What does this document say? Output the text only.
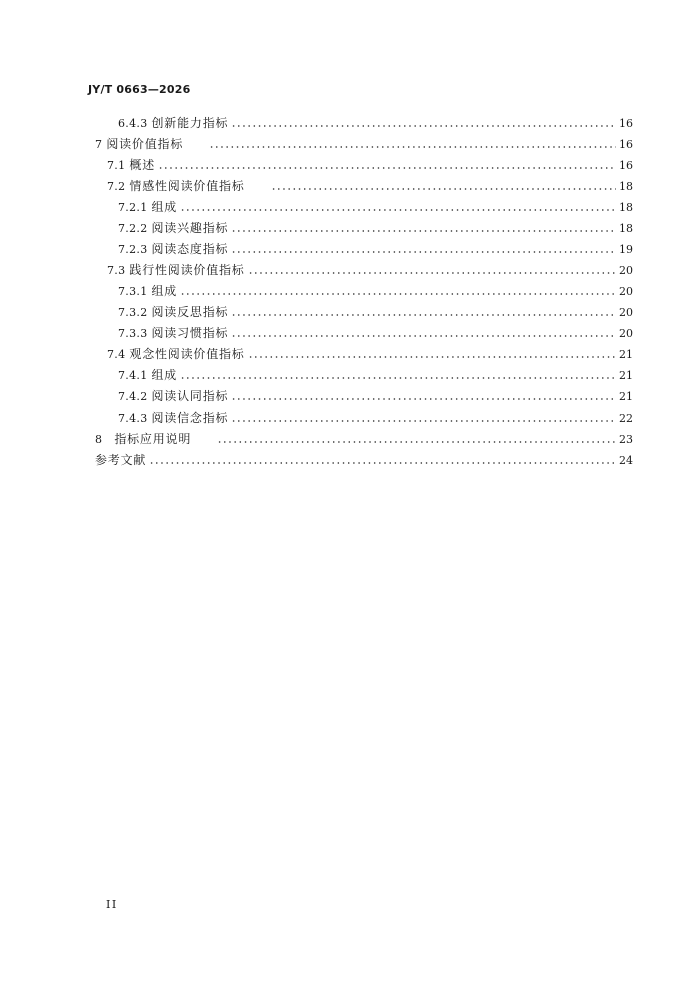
JY/T 0663—2026
6.4.3 创新能力指标	16
7 阅读价值指标	16
7.1 概述	16
7.2 情感性阅读价值指标	18
7.2.1 组成	18
7.2.2 阅读兴趣指标	18
7.2.3 阅读态度指标	19
7.3 践行性阅读价值指标	20
7.3.1 组成	20
7.3.2 阅读反思指标	20
7.3.3 阅读习惯指标	20
7.4 观念性阅读价值指标	21
7.4.1 组成	21
7.4.2 阅读认同指标	21
7.4.3 阅读信念指标	22
8 指标应用说明	23
参考文献	24
II
